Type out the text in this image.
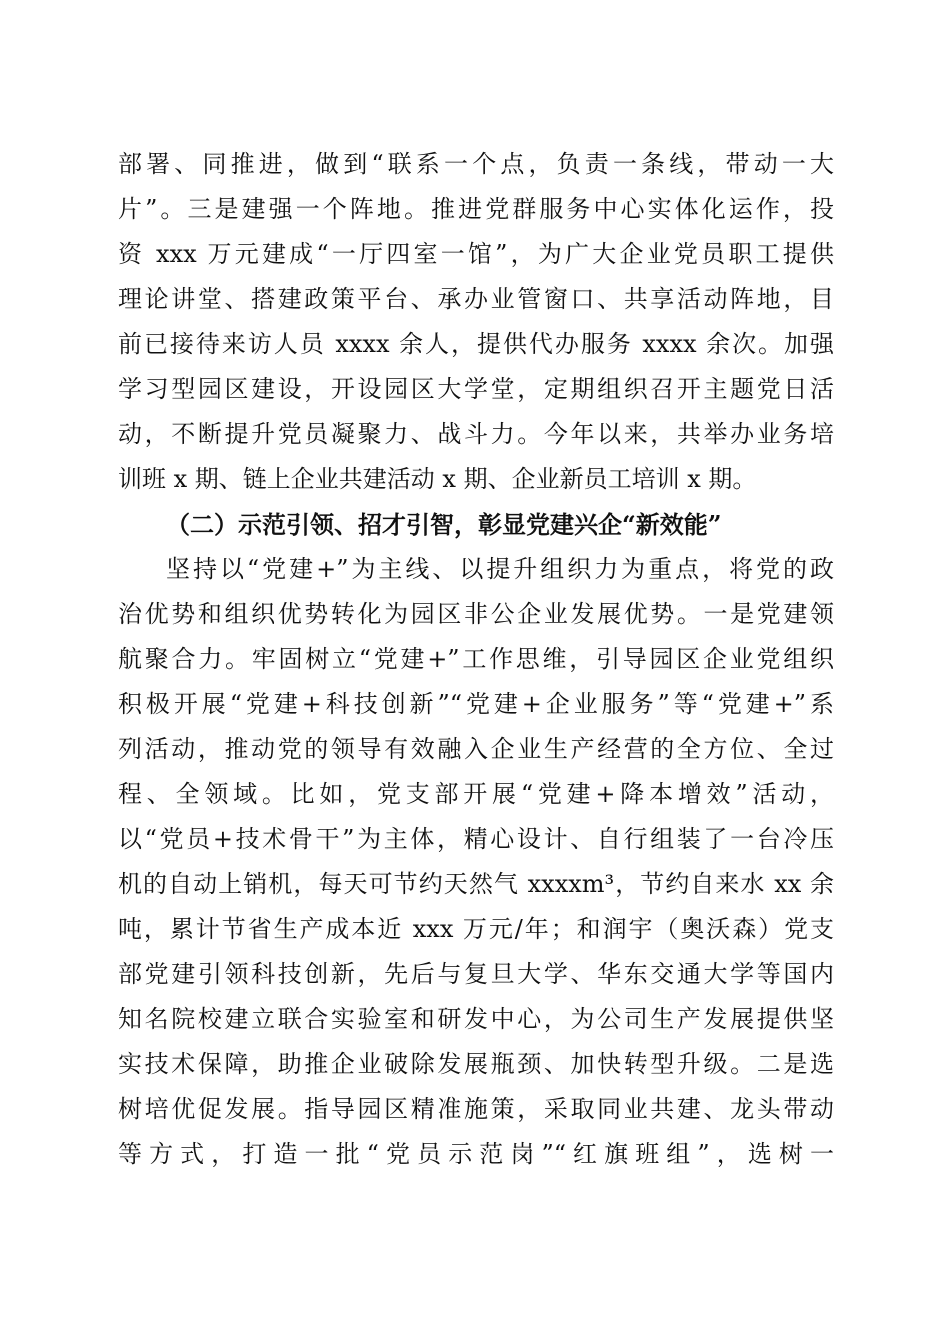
部署、同推进，做到“联系一个点，负责一条线，带动一大
片”。三是建强一个阵地。推进党群服务中心实体化运作，投
资 xxx 万元建成“一厅四室一馆”，为广大企业党员职工提供
理论讲堂、搭建政策平台、承办业管窗口、共享活动阵地，目
前已接待来访人员 xxxx 余人，提供代办服务 xxxx 余次。加强
学习型园区建设，开设园区大学堂，定期组织召开主题党日活
动，不断提升党员凝聚力、战斗力。今年以来，共举办业务培
训班 x 期、链上企业共建活动 x 期、企业新员工培训 x 期。
（二）示范引领、招才引智，彰显党建兴企“新效能”
坚持以“党建+”为主线、以提升组织力为重点，将党的政
治优势和组织优势转化为园区非公企业发展优势。一是党建领
航聚合力。牢固树立“党建+”工作思维，引导园区企业党组织
积极开展“党建+科技创新”“党建+企业服务”等“党建+”系
列活动，推动党的领导有效融入企业生产经营的全方位、全过
程、全领域。比如，党支部开展“党建+降本增效”活动，
以“党员+技术骨干”为主体，精心设计、自行组装了一台冷压
机的自动上销机，每天可节约天然气 xxxxm³，节约自来水 xx 余
吨，累计节省生产成本近 xxx 万元/年；和润宇（奥沃森）党支
部党建引领科技创新，先后与复旦大学、华东交通大学等国内
知名院校建立联合实验室和研发中心，为公司生产发展提供坚
实技术保障，助推企业破除发展瓶颈、加快转型升级。二是选
树培优促发展。指导园区精准施策，采取同业共建、龙头带动
等方式，打造一批“党员示范岗”“红旗班组”，选树一
